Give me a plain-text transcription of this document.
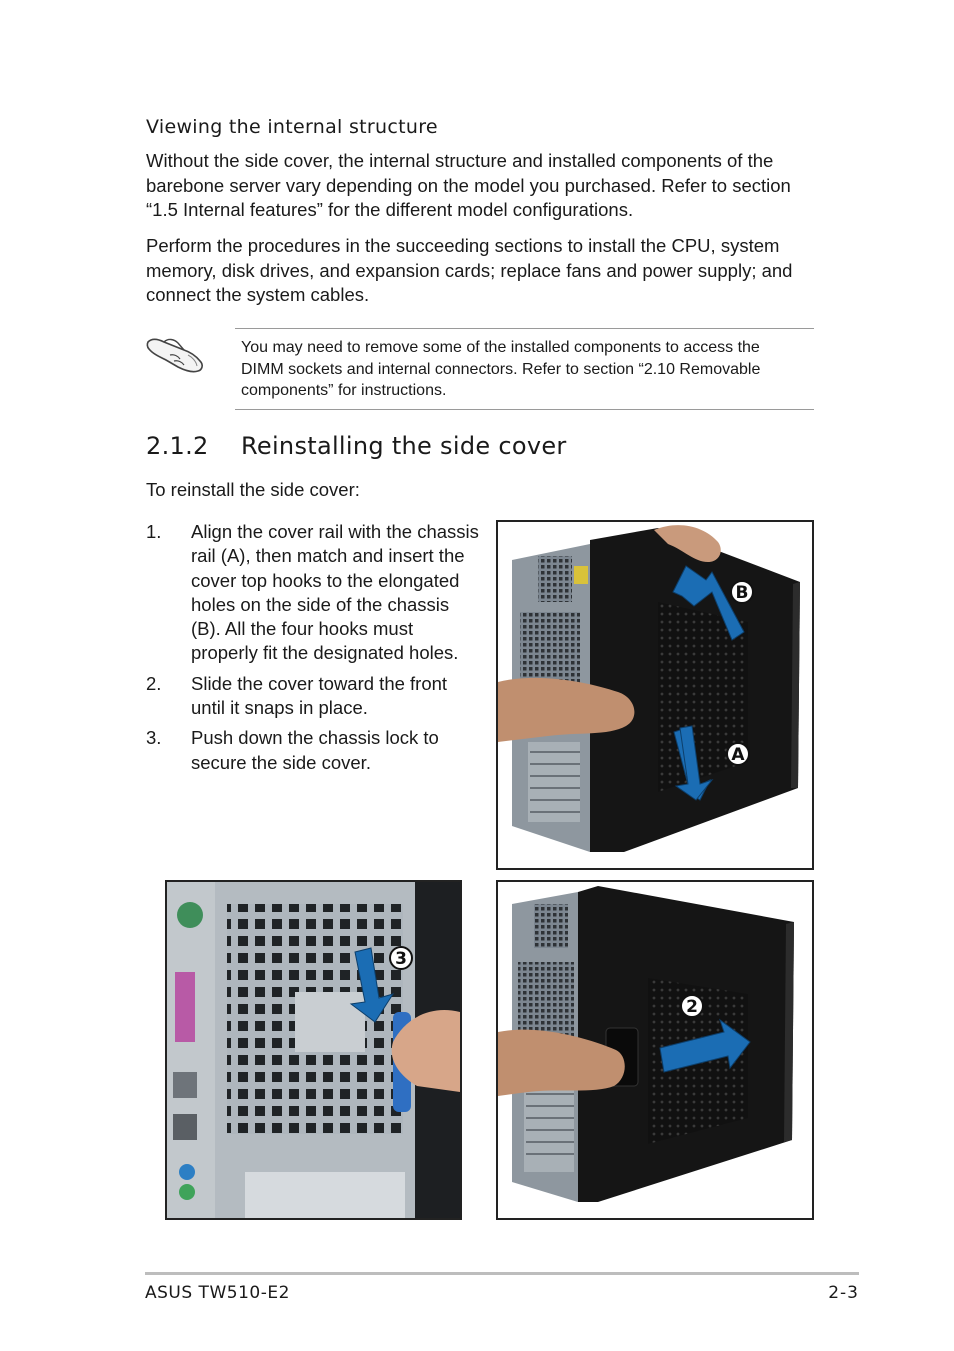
Viewing the internal structure

Without the side cover, the internal structure and installed components of the barebone server vary depending on the model you purchased. Refer to section “1.5 Internal features” for the different model configurations.

Perform the procedures in the succeeding sections to install the CPU, system memory, disk drives, and expansion cards; replace fans and power supply; and connect the system cables.

You may need to remove some of the installed components to access the DIMM sockets and internal connectors. Refer to section “2.10 Removable components” for instructions.

2.1.2 Reinstalling the side cover

To reinstall the side cover:

1. Align the cover rail with the chassis rail (A), then match and insert the cover top hooks to the elongated holes on the side of the chassis (B). All the four hooks must properly fit the designated holes.
2. Slide the cover toward the front until it snaps in place.
3. Push down the chassis lock to secure the side cover.
B
A
3
2
ASUS TW510-E2	2-3
